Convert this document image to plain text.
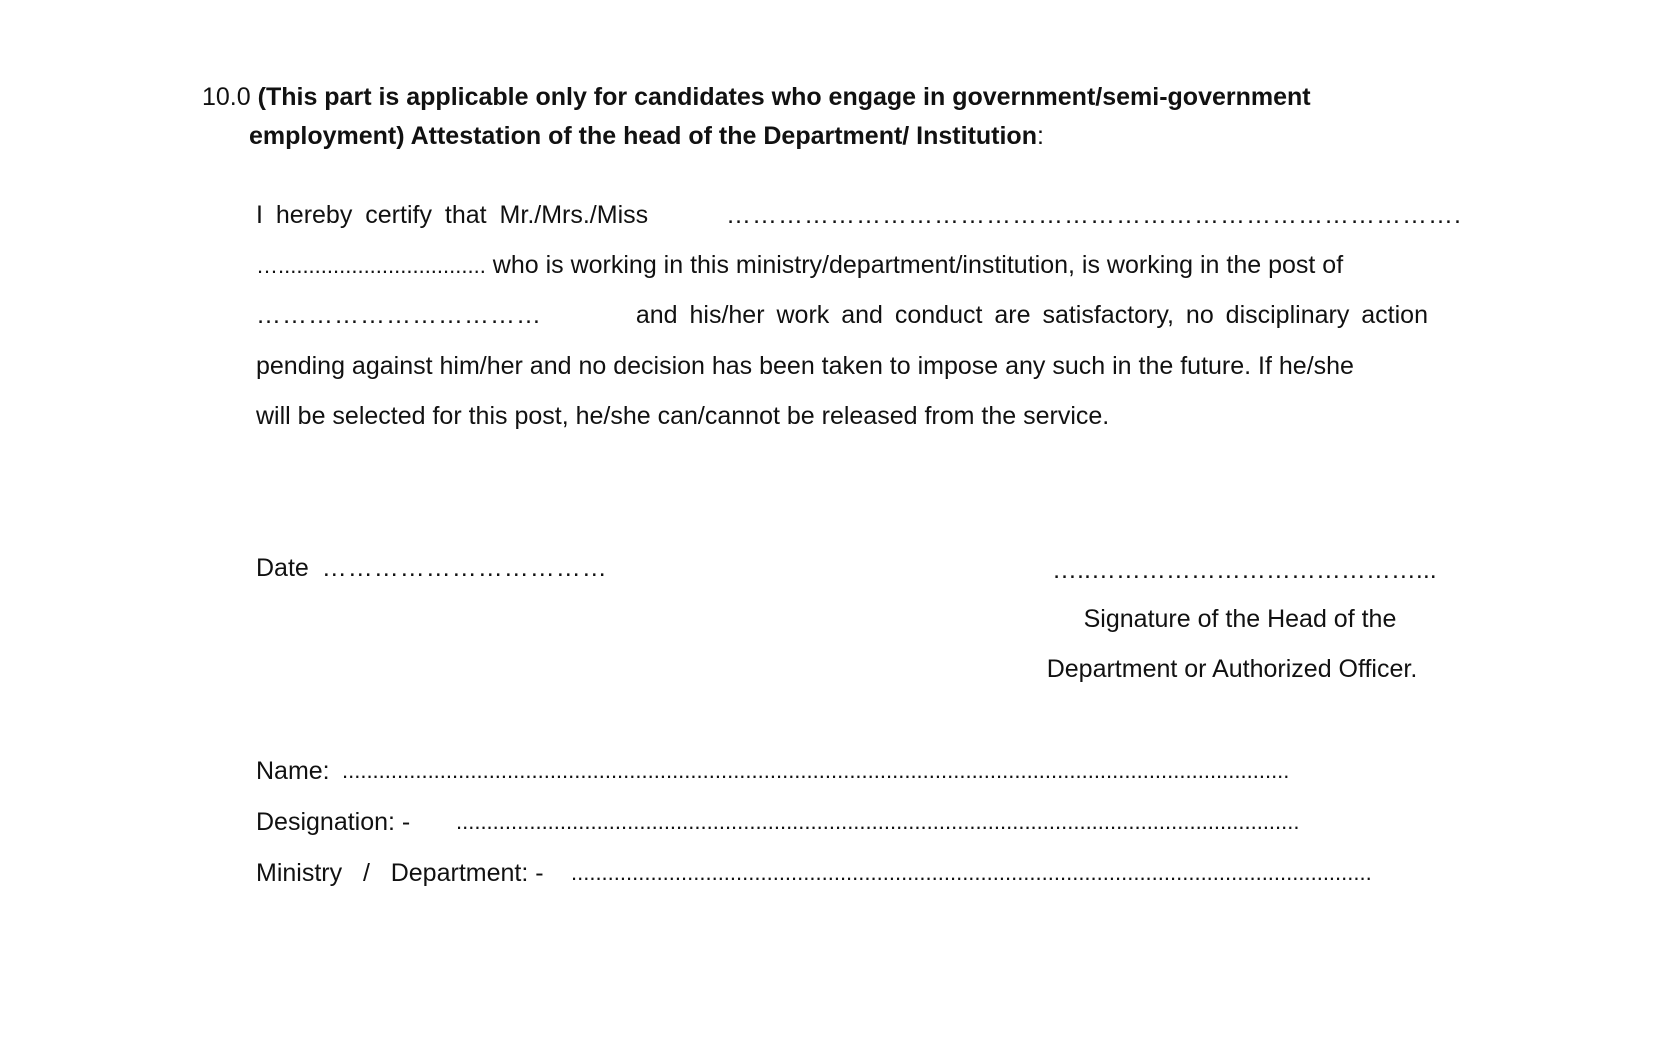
10.0 (This part is applicable only for candidates who engage in government/semi-government
employment) Attestation of the head of the Department/ Institution:
I hereby certify that Mr./Mrs./Miss	………………………………………………………………………….
….................................. who is working in this ministry/department/institution, is working in the post of
……………………………	and his/her work and conduct are satisfactory, no disciplinary action
pending against him/her and no decision has been taken to impose any such in the future. If he/she
will be selected for this post, he/she can/cannot be released from the service.
Date ……………………………	…..…………………………………...
Signature of the Head of the
Department or Authorized Officer.
Name: ...........................................................................................................................................................
Designation: - ..........................................................................................................................................
Ministry   /   Department: - ...................................................................................................................................
